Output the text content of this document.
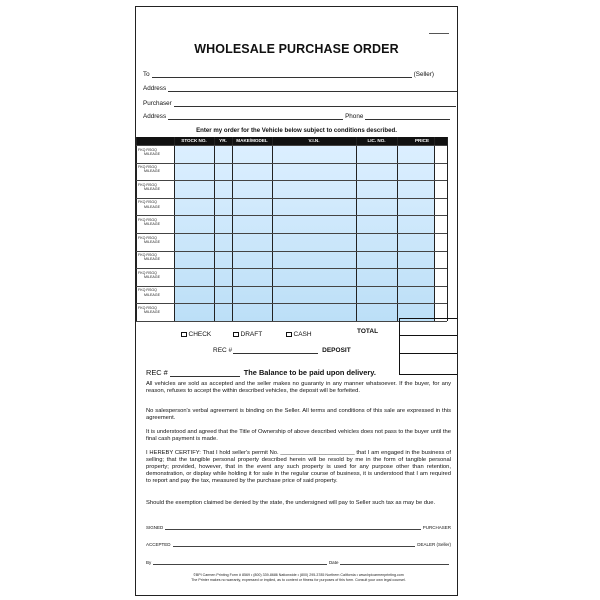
WHOLESALE PURCHASE ORDER
To	(Seller)
Address
Purchaser
Address	Phone
Enter my order for the Vehicle below subject to conditions described.
STOCK NO.	YR.	MAKE/MODEL	V.I.N.	LIC. NO.	PRICE
FKQ RSGQ
MILEAGE
FKQ RSGQ
MILEAGE
FKQ RSGQ
MILEAGE
FKQ RSGQ
MILEAGE
FKQ RSGQ
MILEAGE
FKQ RSGQ
MILEAGE
FKQ RSGQ
MILEAGE
FKQ RSGQ
MILEAGE
FKQ RSGQ
MILEAGE
FKQ RSGQ
MILEAGE
CHECK	DRAFT	CASH	TOTAL
REC #	DEPOSIT
REC #	The Balance to be paid upon delivery.
All vehicles are sold as accepted and the seller makes no guaranty in any manner whatsoever. If the buyer, for any reason, refuses to accept the within described vehicles, the deposit will be forfeited.
No salesperson's verbal agreement is binding on the Seller. All terms and conditions of this sale are expressed in this agreement.
It is understood and agreed that the Title of Ownership of above described vehicles does not pass to the buyer until the final cash payment is made.
I HEREBY CERTIFY: That I hold seller's permit No. _______________________ that I am engaged in the business of selling; that the tangible personal property described herein will be resold by me in the form of tangible personal property; provided, however, that in the event any such property is used for any purpose other than retention, demonstration, or display while holding it for sale in the regular course of business, it is understood that I am required to report and pay the tax, measured by the purchase price of said property.
Should the exemption claimed be denied by the state, the undersigned will pay to Seller such tax as may be due.
SIGNED	PURCHASER
ACCEPTED	DEALER (Seller)
By	Date
©BPI Carmen Printing Form # 8569 • (800) 339-8686 Nationwide • (800) 295-3785 Northern California • www.bpicarmenprinting.com
The Printer makes no warranty, expressed or implied, as to content or fitness for purposes of this form. Consult your own legal counsel.
